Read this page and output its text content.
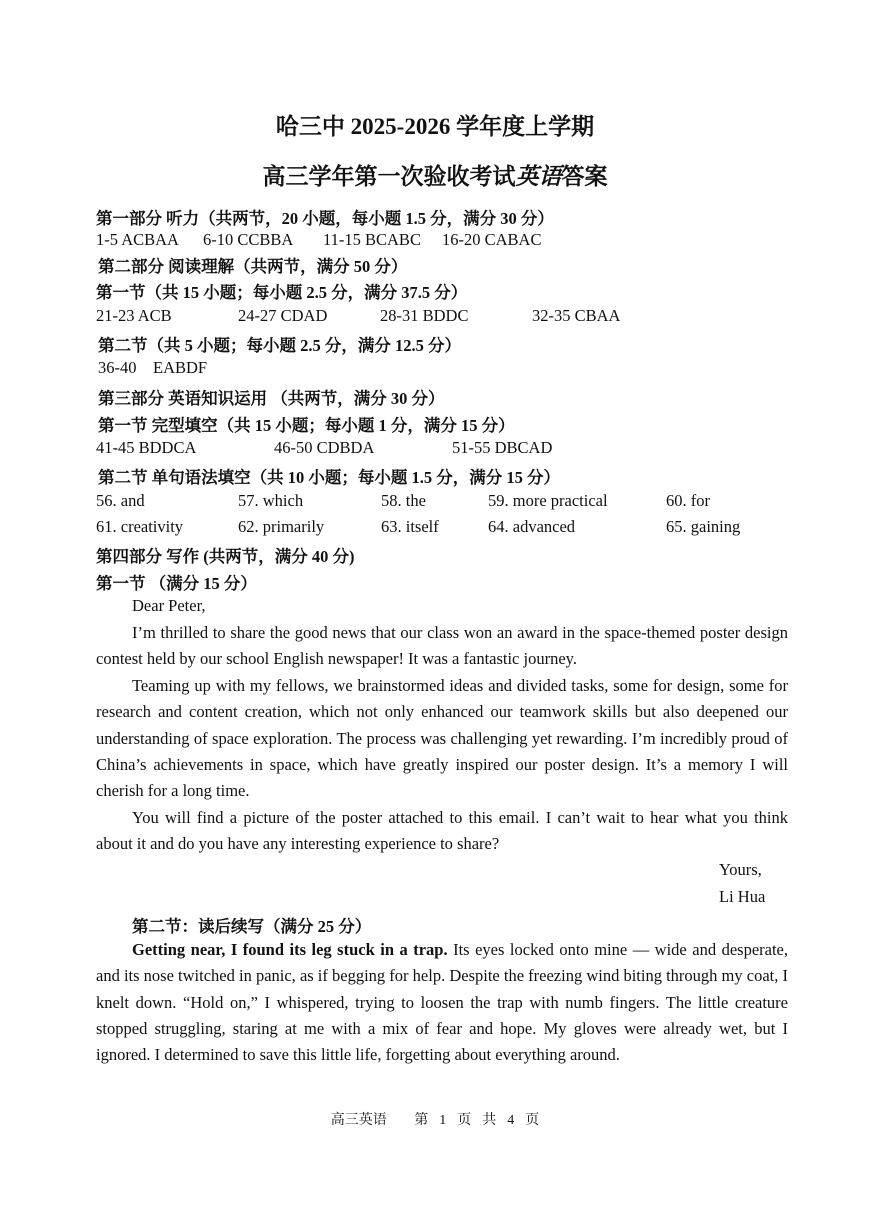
哈三中 2025-2026 学年度上学期
高三学年第一次验收考试英语答案
第一部分 听力（共两节，20 小题，每小题 1.5 分，满分 30 分）
1-5 ACBAA 6-10 CCBBA 11-15 BCABC 16-20 CABAC
第二部分 阅读理解（共两节，满分 50 分）
第一节（共 15 小题；每小题 2.5 分，满分 37.5 分）
21-23 ACB	24-27 CDAD	28-31 BDDC	32-35 CBAA
第二节（共 5 小题；每小题 2.5 分，满分 12.5 分）
36-40    EABDF
第三部分 英语知识运用 （共两节，满分 30 分）
第一节 完型填空（共 15 小题；每小题 1 分，满分 15 分）
41-45 BDDCA	46-50 CDBDA	51-55 DBCAD
第二节 单句语法填空（共 10 小题；每小题 1.5 分，满分 15 分）
56. and	57. which	58. the	59. more practical	60. for
61. creativity	62. primarily	63. itself	64. advanced	65. gaining
第四部分 写作 (共两节，满分 40 分)
第一节 （满分 15 分）
Dear Peter,

I’m thrilled to share the good news that our class won an award in the space-themed poster design contest held by our school English newspaper! It was a fantastic journey.

Teaming up with my fellows, we brainstormed ideas and divided tasks, some for design, some for research and content creation, which not only enhanced our teamwork skills but also deepened our understanding of space exploration. The process was challenging yet rewarding. I’m incredibly proud of China’s achievements in space, which have greatly inspired our poster design. It’s a memory I will cherish for a long time.

You will find a picture of the poster attached to this email. I can’t wait to hear what you think about it and do you have any interesting experience to share?

Yours,
Li Hua
第二节：读后续写（满分 25 分）

Getting near, I found its leg stuck in a trap. Its eyes locked onto mine — wide and desperate, and its nose twitched in panic, as if begging for help. Despite the freezing wind biting through my coat, I knelt down. “Hold on,” I whispered, trying to loosen the trap with numb fingers. The little creature stopped struggling, staring at me with a mix of fear and hope. My gloves were already wet, but I ignored. I determined to save this little life, forgetting about everything around.

高三英语     第  1  页  共  4  页
